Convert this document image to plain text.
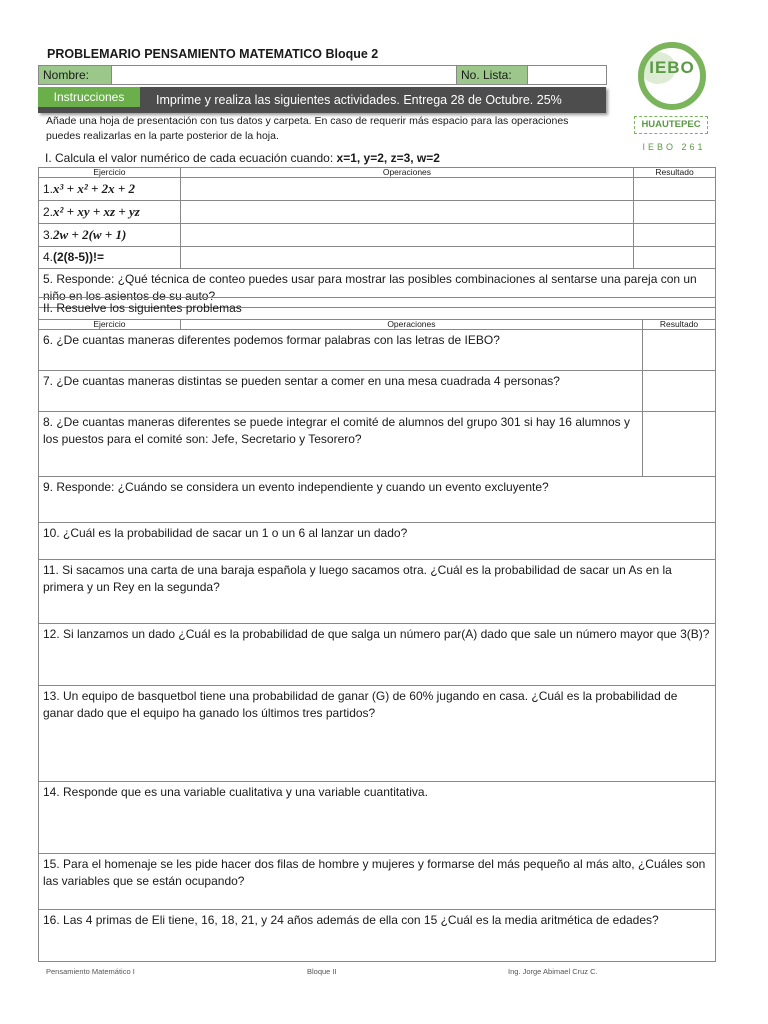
PROBLEMARIO PENSAMIENTO MATEMATICO Bloque 2
Nombre:	No. Lista:
Instrucciones	Imprime y realiza las siguientes actividades. Entrega 28 de Octubre. 25%
Añade una hoja de presentación con tus datos y carpeta. En caso de requerir más espacio para las operaciones
puedes realizarlas en la parte posterior de la hoja.
IEBO
HUAUTEPEC
IEBO 261
I. Calcula el valor numérico de cada ecuación cuando: x=1, y=2, z=3, w=2
Ejercicio	Operaciones	Resultado
1.x³ + x² + 2x + 2		
2.x² + xy + xz + yz		
3.2w + 2(w + 1)		
4.(2(8-5))!=		
5. Responde: ¿Qué técnica de conteo puedes usar para mostrar las posibles combinaciones al sentarse una pareja con un niño en los asientos de su auto?		
II. Resuelve los siguientes problemas		
Ejercicio	Operaciones	Resultado
6. ¿De cuantas maneras diferentes podemos formar palabras con las letras de IEBO?		
7. ¿De cuantas maneras distintas se pueden sentar a comer en una mesa cuadrada 4 personas?		
8. ¿De cuantas maneras diferentes se puede integrar el comité de alumnos del grupo 301 si hay 16 alumnos y los puestos para el comité son: Jefe, Secretario y Tesorero?		
9. Responde: ¿Cuándo se considera un evento independiente y cuando un evento excluyente?		
10. ¿Cuál es la probabilidad de sacar un 1 o un 6 al lanzar un dado?		
11. Si sacamos una carta de una baraja española y luego sacamos otra. ¿Cuál es la probabilidad de sacar un As en la primera y un Rey en la segunda?		
12. Si lanzamos un dado ¿Cuál es la probabilidad de que salga un número par(A) dado que sale un número mayor que 3(B)?		
13. Un equipo de basquetbol tiene una probabilidad de ganar (G) de 60% jugando en casa. ¿Cuál es la probabilidad de ganar dado que el equipo ha ganado los últimos tres partidos?		
14. Responde que es una variable cualitativa y una variable cuantitativa.		
15. Para el homenaje se les pide hacer dos filas de hombre y mujeres y formarse del más pequeño al más alto, ¿Cuáles son las variables que se están ocupando?		
16. Las 4 primas de Eli tiene, 16, 18, 21, y 24 años además de ella con 15 ¿Cuál es la media aritmética de edades?		
Pensamiento Matemático I	Bloque II	Ing. Jorge Abimael Cruz C.
